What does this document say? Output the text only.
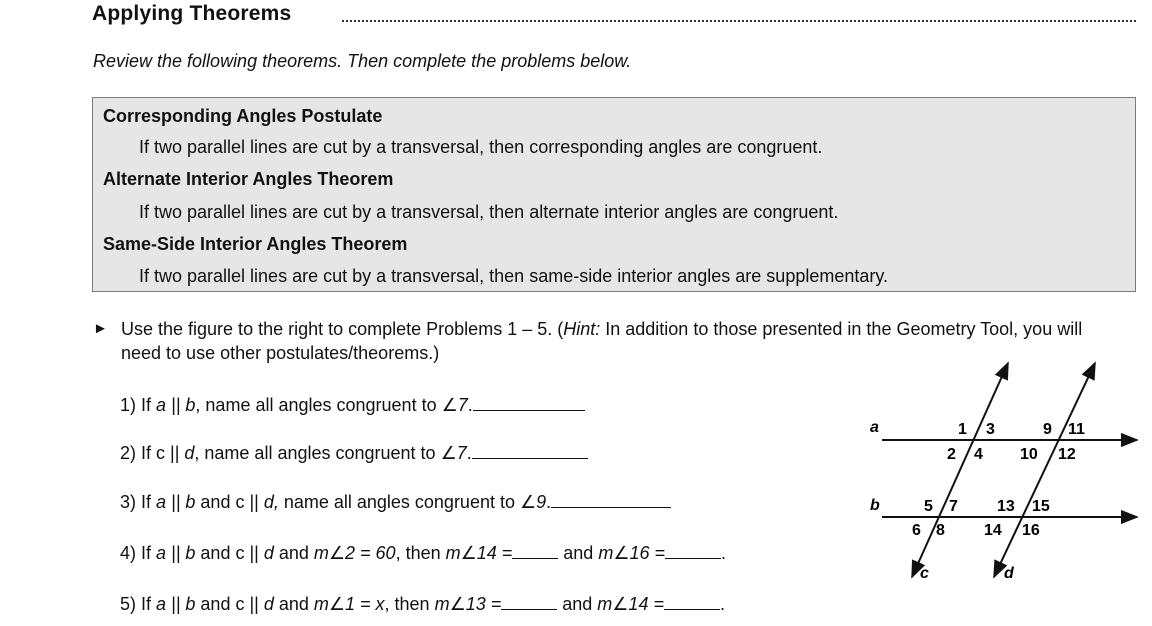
Applying Theorems
Review the following theorems. Then complete the problems below.
Corresponding Angles Postulate
If two parallel lines are cut by a transversal, then corresponding angles are congruent.
Alternate Interior Angles Theorem
If two parallel lines are cut by a transversal, then alternate interior angles are congruent.
Same-Side Interior Angles Theorem
If two parallel lines are cut by a transversal, then same-side interior angles are supplementary.
► Use the figure to the right to complete Problems 1 – 5. (Hint: In addition to those presented in the Geometry Tool, you will need to use other postulates/theorems.)
1) If a || b, name all angles congruent to ∠7.
2) If c || d, name all angles congruent to ∠7.
3) If a || b and c || d, name all angles congruent to ∠9.
4) If a || b and c || d and m∠2 = 60, then m∠14 =	and m∠16 =	.
5) If a || b and c || d and m∠1 = x, then m∠13 =	and m∠14 =	.
a
b
c	d
1 3
2 4
9 11
10 12
5 7
6 8
13 15
14 16
